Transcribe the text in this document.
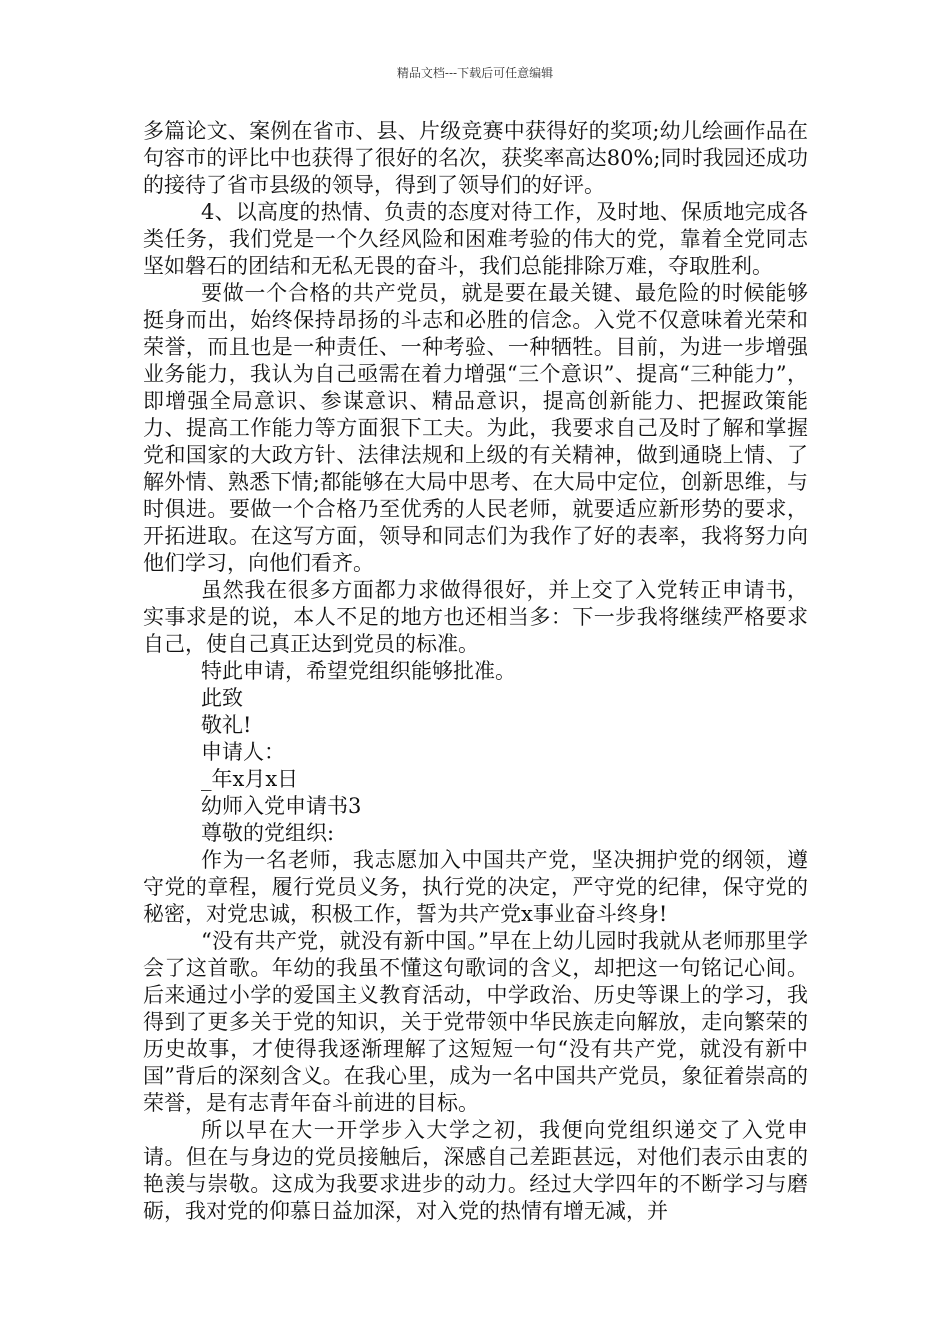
精品文档---下载后可任意编辑

多篇论文、案例在省市、县、片级竞赛中获得好的奖项;幼儿绘画作品在句容市的评比中也获得了很好的名次，获奖率高达80%;同时我园还成功的接待了省市县级的领导，得到了领导们的好评。

4、以高度的热情、负责的态度对待工作，及时地、保质地完成各类任务，我们党是一个久经风险和困难考验的伟大的党，靠着全党同志坚如磐石的团结和无私无畏的奋斗，我们总能排除万难，夺取胜利。

要做一个合格的共产党员，就是要在最关键、最危险的时候能够挺身而出，始终保持昂扬的斗志和必胜的信念。入党不仅意味着光荣和荣誉，而且也是一种责任、一种考验、一种牺牲。目前，为进一步增强业务能力，我认为自己亟需在着力增强“三个意识”、提高“三种能力”，即增强全局意识、参谋意识、精品意识，提高创新能力、把握政策能力、提高工作能力等方面狠下工夫。为此，我要求自己及时了解和掌握党和国家的大政方针、法律法规和上级的有关精神，做到通晓上情、了解外情、熟悉下情;都能够在大局中思考、在大局中定位，创新思维，与时俱进。要做一个合格乃至优秀的人民老师，就要适应新形势的要求，开拓进取。在这写方面，领导和同志们为我作了好的表率，我将努力向他们学习，向他们看齐。

虽然我在很多方面都力求做得很好，并上交了入党转正申请书，实事求是的说，本人不足的地方也还相当多：下一步我将继续严格要求自己，使自己真正达到党员的标准。

特此申请，希望党组织能够批准。

此致

敬礼!

申请人：

_年x月x日

幼师入党申请书3

尊敬的党组织:

作为一名老师，我志愿加入中国共产党，坚决拥护党的纲领，遵守党的章程，履行党员义务，执行党的决定，严守党的纪律，保守党的秘密，对党忠诚，积极工作，誓为共产党x事业奋斗终身!

“没有共产党，就没有新中国。”早在上幼儿园时我就从老师那里学会了这首歌。年幼的我虽不懂这句歌词的含义，却把这一句铭记心间。后来通过小学的爱国主义教育活动，中学政治、历史等课上的学习，我得到了更多关于党的知识，关于党带领中华民族走向解放，走向繁荣的历史故事，才使得我逐渐理解了这短短一句“没有共产党，就没有新中国”背后的深刻含义。在我心里，成为一名中国共产党员，象征着崇高的荣誉，是有志青年奋斗前进的目标。

所以早在大一开学步入大学之初，我便向党组织递交了入党申请。但在与身边的党员接触后，深感自己差距甚远，对他们表示由衷的艳羡与崇敬。这成为我要求进步的动力。经过大学四年的不断学习与磨砺，我对党的仰慕日益加深，对入党的热情有增无减，并
